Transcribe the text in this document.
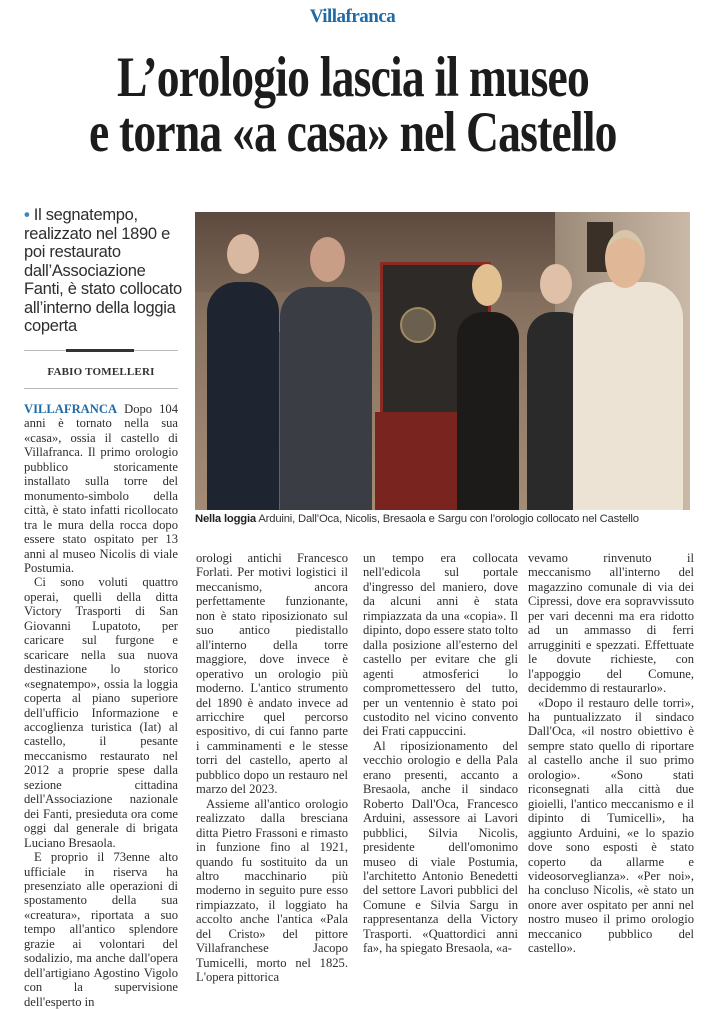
Villafranca
L’orologio lascia il museo
e torna «a casa» nel Castello
• Il segnatempo, realizzato nel 1890 e poi restaurato dall’Associazione Fanti, è stato collocato all’interno della loggia coperta
FABIO TOMELLERI
Nella loggia Arduini, Dall’Oca, Nicolis, Bresaola e Sargu con l’orologio collocato nel Castello

VILLAFRANCA Dopo 104 anni è tornato nella sua «casa», ossia il castello di Villafranca. Il primo orologio pubblico storicamente installato sulla torre del monumento-simbolo della città, è stato infatti ricollocato tra le mura della rocca dopo essere stato ospitato per 13 anni al museo Nicolis di viale Postumia.

Ci sono voluti quattro operai, quelli della ditta Victory Trasporti di San Giovanni Lupatoto, per caricare sul furgone e scaricare nella sua nuova destinazione lo storico «segnatempo», ossia la loggia coperta al piano superiore dell'ufficio Informazione e accoglienza turistica (Iat) al castello, il pesante meccanismo restaurato nel 2012 a proprie spese dalla sezione cittadina dell'Associazione nazionale dei Fanti, presieduta ora come oggi dal generale di brigata Luciano Bresaola.

E proprio il 73enne alto ufficiale in riserva ha presenziato alle operazioni di spostamento della sua «creatura», riportata a suo tempo all'antico splendore grazie ai volontari del sodalizio, ma anche dall'opera dell'artigiano Agostino Vigolo con la supervisione dell'esperto in

orologi antichi Francesco Forlati. Per motivi logistici il meccanismo, ancora perfettamente funzionante, non è stato riposizionato sul suo antico piedistallo all'interno della torre maggiore, dove invece è operativo un orologio più moderno. L'antico strumento del 1890 è andato invece ad arricchire quel percorso espositivo, di cui fanno parte i camminamenti e le stesse torri del castello, aperto al pubblico dopo un restauro nel marzo del 2023.

Assieme all'antico orologio realizzato dalla bresciana ditta Pietro Frassoni e rimasto in funzione fino al 1921, quando fu sostituito da un altro macchinario più moderno in seguito pure esso rimpiazzato, il loggiato ha accolto anche l'antica «Pala del Cristo» del pittore Villafranchese Jacopo Tumicelli, morto nel 1825. L'opera pittorica

un tempo era collocata nell'edicola sul portale d'ingresso del maniero, dove da alcuni anni è stata rimpiazzata da una «copia». Il dipinto, dopo essere stato tolto dalla posizione all'esterno del castello per evitare che gli agenti atmosferici lo compromettessero del tutto, per un ventennio è stato poi custodito nel vicino convento dei Frati cappuccini.

Al riposizionamento del vecchio orologio e della Pala erano presenti, accanto a Bresaola, anche il sindaco Roberto Dall'Oca, Francesco Arduini, assessore ai Lavori pubblici, Silvia Nicolis, presidente dell'omonimo museo di viale Postumia, l'architetto Antonio Benedetti del settore Lavori pubblici del Comune e Silvia Sargu in rappresentanza della Victory Trasporti. «Quattordici anni fa», ha spiegato Bresaola, «a-

vevamo rinvenuto il meccanismo all'interno del magazzino comunale di via dei Cipressi, dove era sopravvissuto per vari decenni ma era ridotto ad un ammasso di ferri arrugginiti e spezzati. Effettuate le dovute richieste, con l'appoggio del Comune, decidemmo di restaurarlo».

«Dopo il restauro delle torri», ha puntualizzato il sindaco Dall'Oca, «il nostro obiettivo è sempre stato quello di riportare al castello anche il suo primo orologio». «Sono stati riconsegnati alla città due gioielli, l'antico meccanismo e il dipinto di Tumicelli», ha aggiunto Arduini, «e lo spazio dove sono esposti è stato coperto da allarme e videosorveglianza». «Per noi», ha concluso Nicolis, «è stato un onore aver ospitato per anni nel nostro museo il primo orologio meccanico pubblico del castello».
